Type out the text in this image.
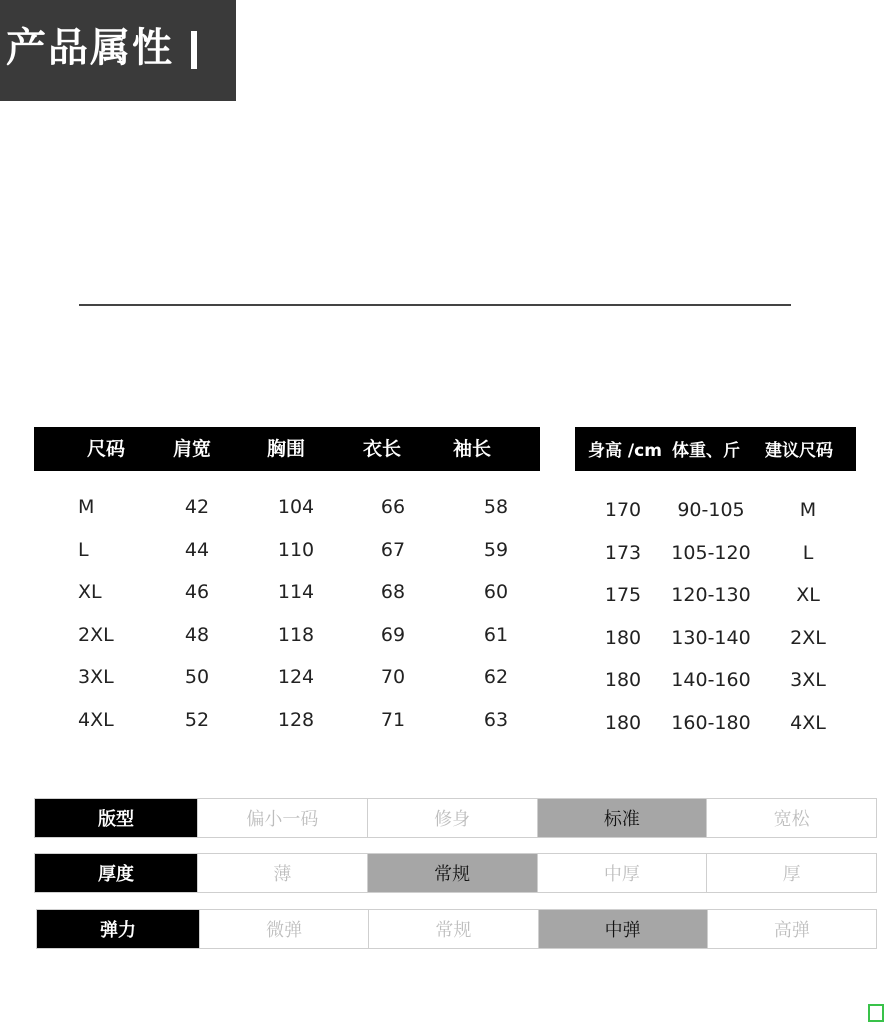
产品属性
尺码	肩宽	胸围	衣长	袖长
M	42	104	66	58
L	44	110	67	59
XL	46	114	68	60
2XL	48	118	69	61
3XL	50	124	70	62
4XL	52	128	71	63
身高 /cm 体重、斤 建议尺码
170 90-105	M
173 105-120	L
175 120-130 XL
180 130-140 2XL
180 140-160 3XL
180 160-180 4XL
版型	偏小一码	修身	标准	宽松
厚度	薄	常规	中厚	厚
弹力	微弹	常规	中弹	高弹
